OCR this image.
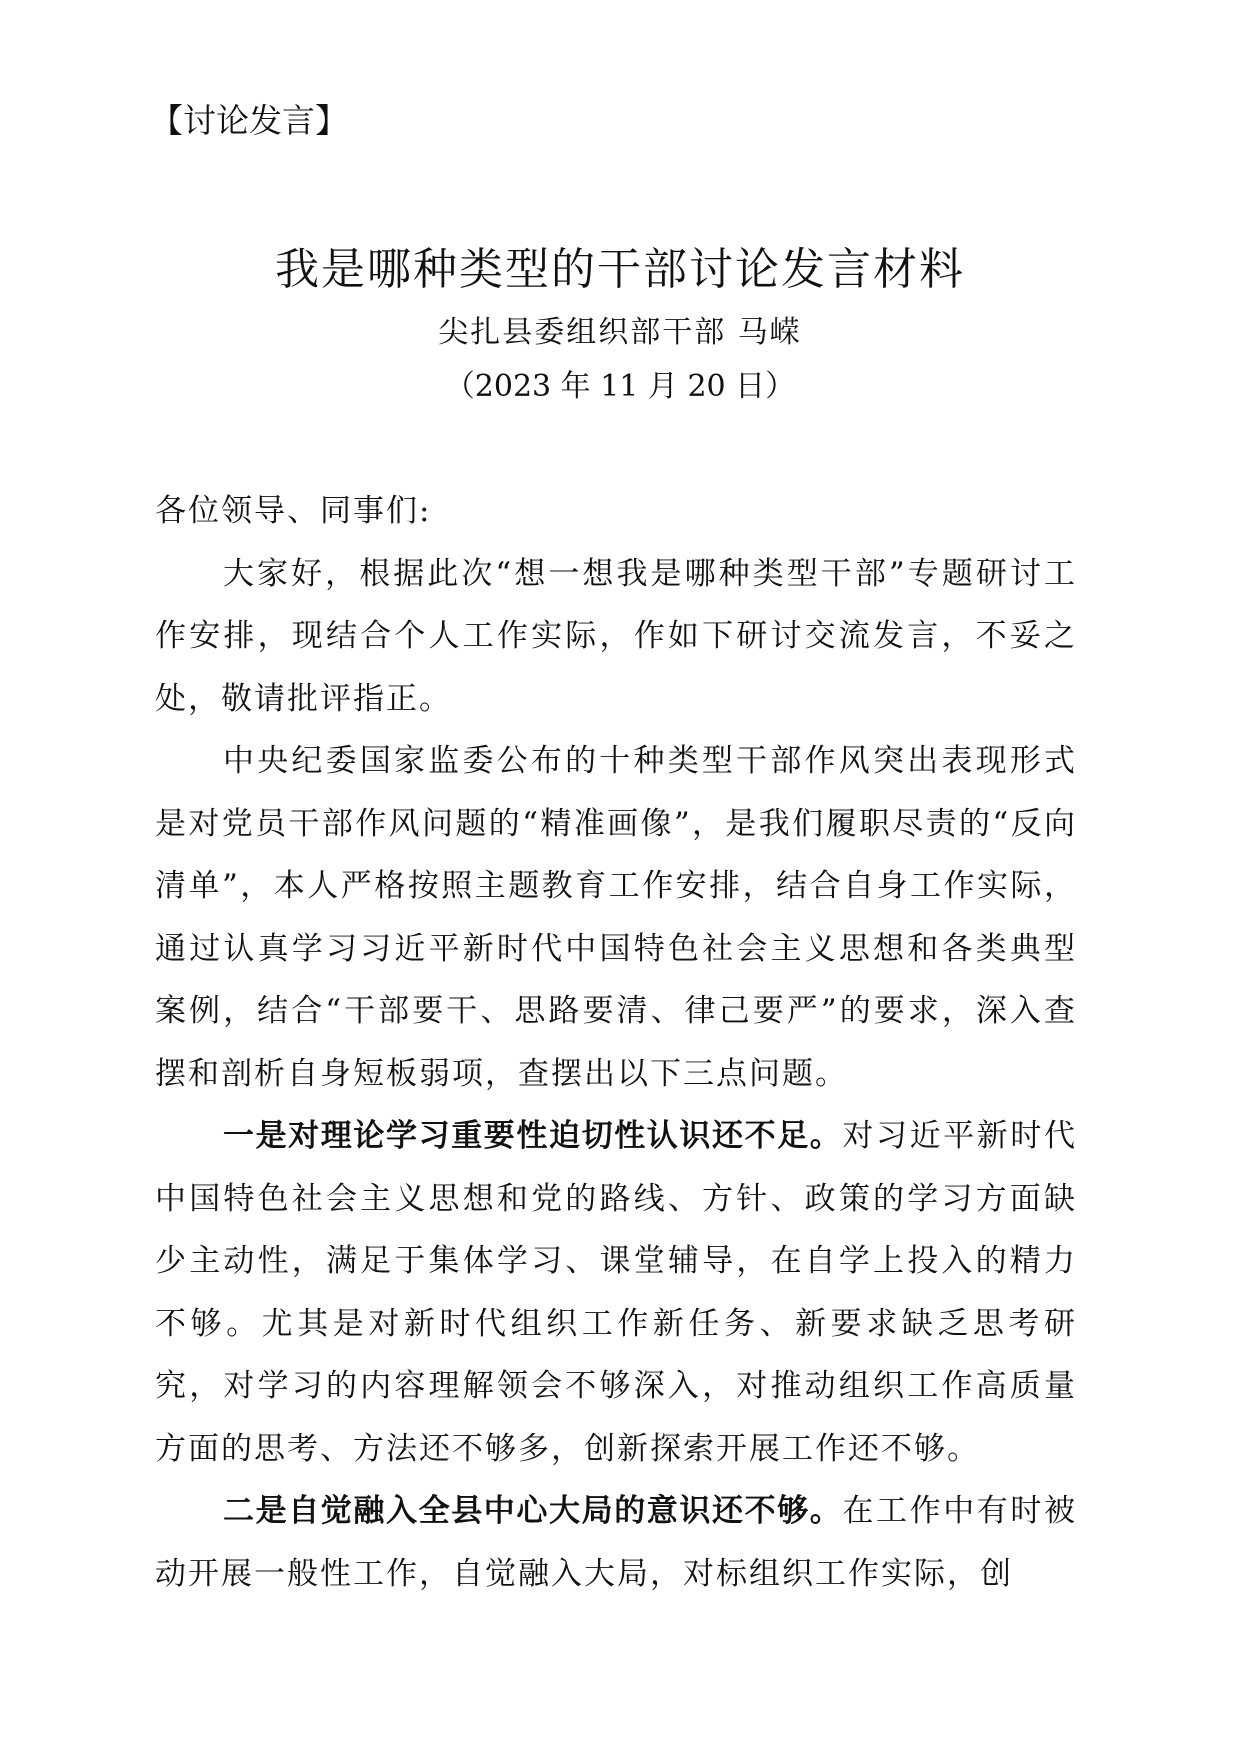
【讨论发言】
我是哪种类型的干部讨论发言材料
尖扎县委组织部干部 马嵘
（2023 年 11 月 20 日）

各位领导、同事们:

大家好，根据此次“想一想我是哪种类型干部”专题研讨工作安排，现结合个人工作实际，作如下研讨交流发言，不妥之处，敬请批评指正。

中央纪委国家监委公布的十种类型干部作风突出表现形式是对党员干部作风问题的“精准画像”，是我们履职尽责的“反向清单”，本人严格按照主题教育工作安排，结合自身工作实际，通过认真学习习近平新时代中国特色社会主义思想和各类典型案例，结合“干部要干、思路要清、律己要严”的要求，深入查摆和剖析自身短板弱项，查摆出以下三点问题。

一是对理论学习重要性迫切性认识还不足。对习近平新时代中国特色社会主义思想和党的路线、方针、政策的学习方面缺少主动性，满足于集体学习、课堂辅导，在自学上投入的精力不够。尤其是对新时代组织工作新任务、新要求缺乏思考研究，对学习的内容理解领会不够深入，对推动组织工作高质量方面的思考、方法还不够多，创新探索开展工作还不够。

二是自觉融入全县中心大局的意识还不够。在工作中有时被动开展一般性工作，自觉融入大局，对标组织工作实际，创
